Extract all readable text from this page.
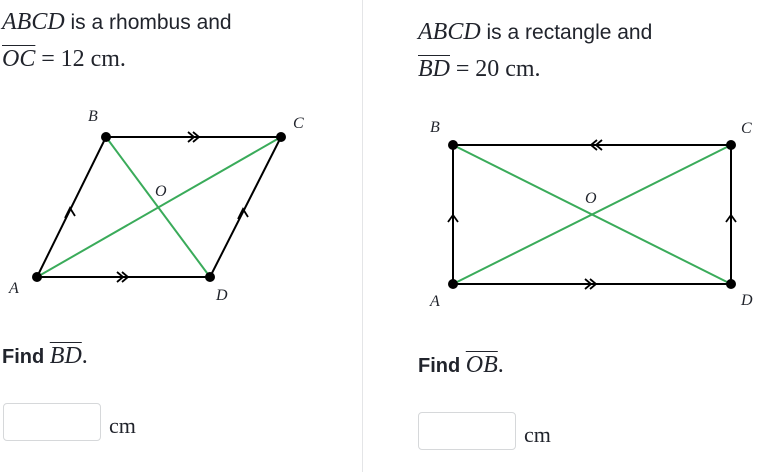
ABCD is a rhombus and
$\overline{OC} = 12$ cm.
A
B	C
D
O
Find $\overline{BD}$.
cm
ABCD is a rectangle and
$\overline{BD} = 20$ cm.
A
B	C
D
O
Find $\overline{OB}$.
cm
